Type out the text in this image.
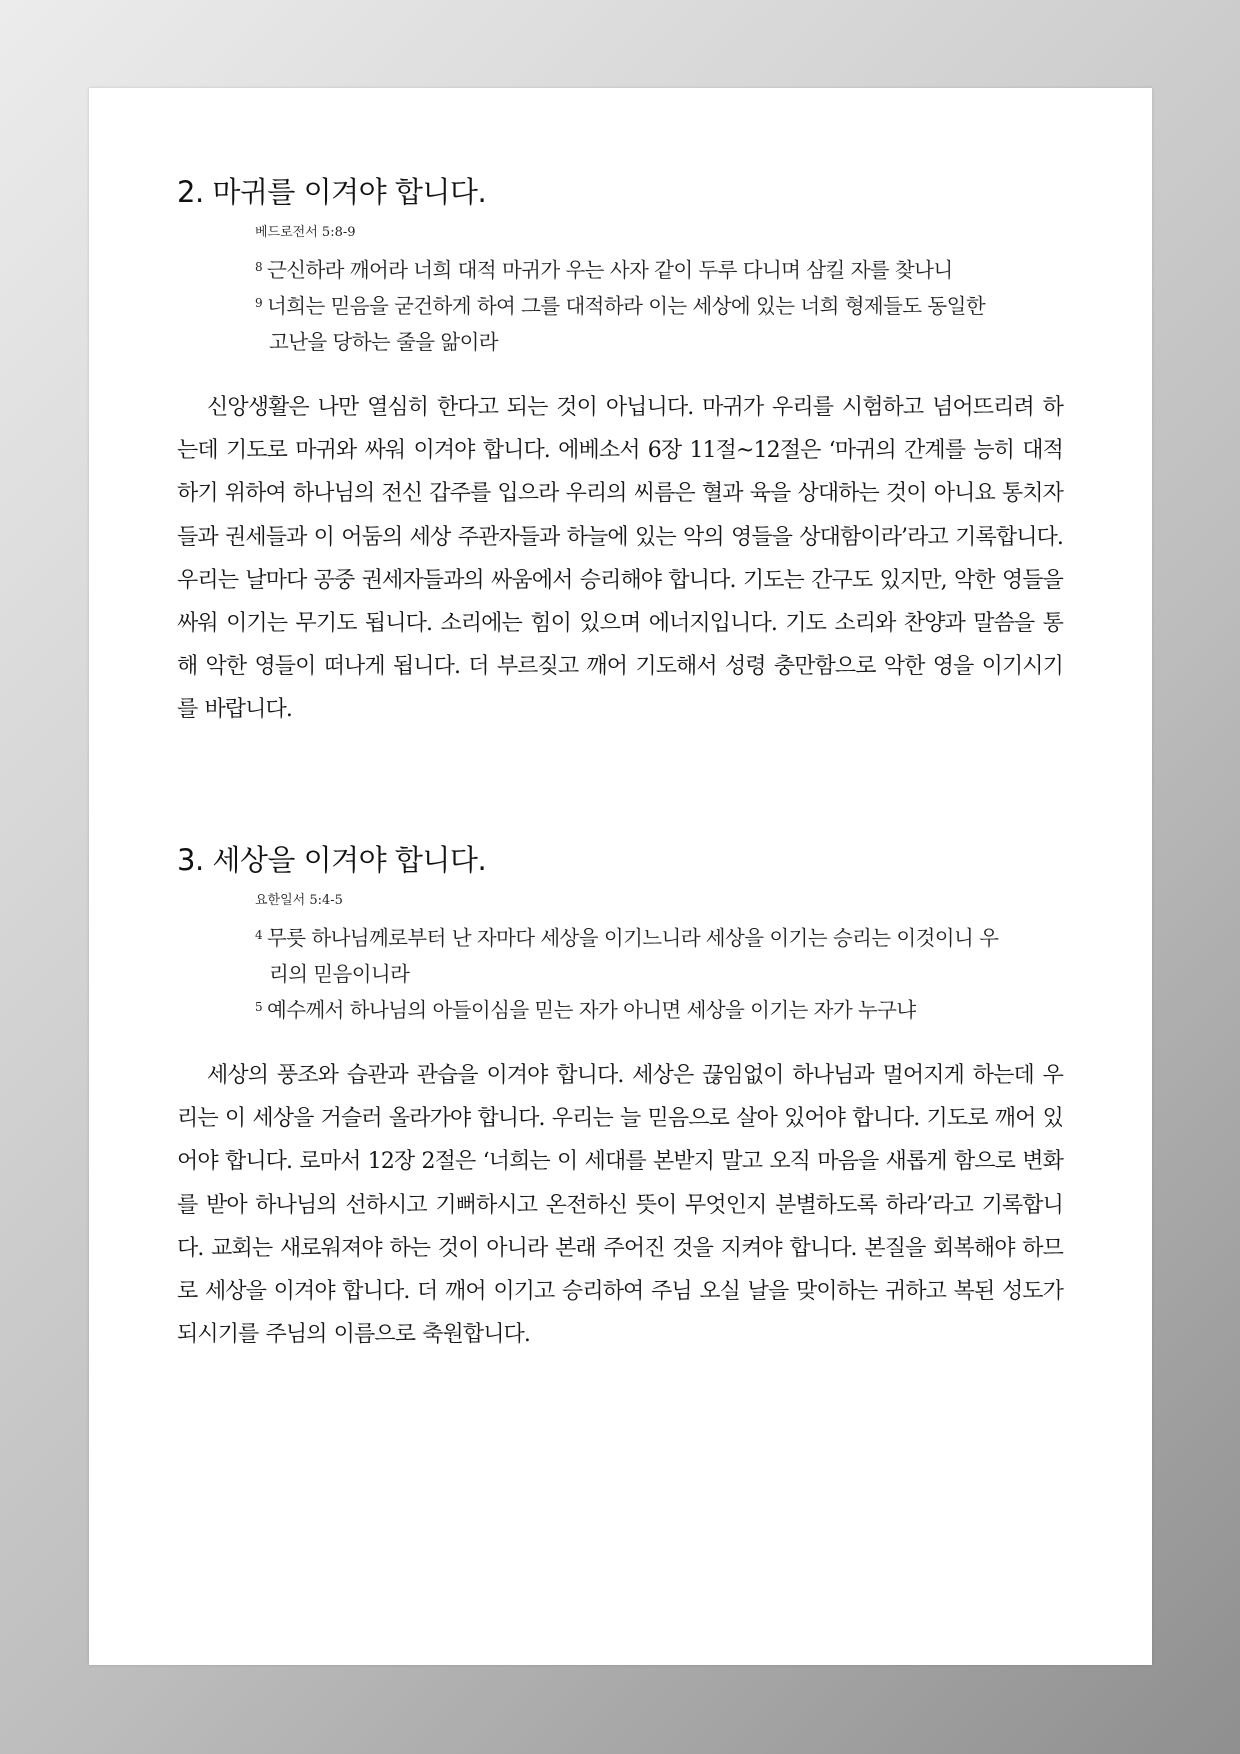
2. 마귀를 이겨야 합니다.
베드로전서 5:8-9
$^8$ 근신하라 깨어라 너희 대적 마귀가 우는 사자 같이 두루 다니며 삼킬 자를 찾나니
$^9$ 너희는 믿음을 굳건하게 하여 그를 대적하라 이는 세상에 있는 너희 형제들도 동일한 고난을 당하는 줄을 앎이라

신앙생활은 나만 열심히 한다고 되는 것이 아닙니다. 마귀가 우리를 시험하고 넘어뜨리려 하는데 기도로 마귀와 싸워 이겨야 합니다. 에베소서 6장 11절~12절은 ‘마귀의 간계를 능히 대적하기 위하여 하나님의 전신 갑주를 입으라 우리의 씨름은 혈과 육을 상대하는 것이 아니요 통치자들과 권세들과 이 어둠의 세상 주관자들과 하늘에 있는 악의 영들을 상대함이라’라고 기록합니다. 우리는 날마다 공중 권세자들과의 싸움에서 승리해야 합니다. 기도는 간구도 있지만, 악한 영들을 싸워 이기는 무기도 됩니다. 소리에는 힘이 있으며 에너지입니다. 기도 소리와 찬양과 말씀을 통해 악한 영들이 떠나게 됩니다. 더 부르짖고 깨어 기도해서 성령 충만함으로 악한 영을 이기시기를 바랍니다.

3. 세상을 이겨야 합니다.
요한일서 5:4-5
$^4$ 무릇 하나님께로부터 난 자마다 세상을 이기느니라 세상을 이기는 승리는 이것이니 우리의 믿음이니라
$^5$ 예수께서 하나님의 아들이심을 믿는 자가 아니면 세상을 이기는 자가 누구냐

세상의 풍조와 습관과 관습을 이겨야 합니다. 세상은 끊임없이 하나님과 멀어지게 하는데 우리는 이 세상을 거슬러 올라가야 합니다. 우리는 늘 믿음으로 살아 있어야 합니다. 기도로 깨어 있어야 합니다. 로마서 12장 2절은 ‘너희는 이 세대를 본받지 말고 오직 마음을 새롭게 함으로 변화를 받아 하나님의 선하시고 기뻐하시고 온전하신 뜻이 무엇인지 분별하도록 하라’라고 기록합니다. 교회는 새로워져야 하는 것이 아니라 본래 주어진 것을 지켜야 합니다. 본질을 회복해야 하므로 세상을 이겨야 합니다. 더 깨어 이기고 승리하여 주님 오실 날을 맞이하는 귀하고 복된 성도가 되시기를 주님의 이름으로 축원합니다.
